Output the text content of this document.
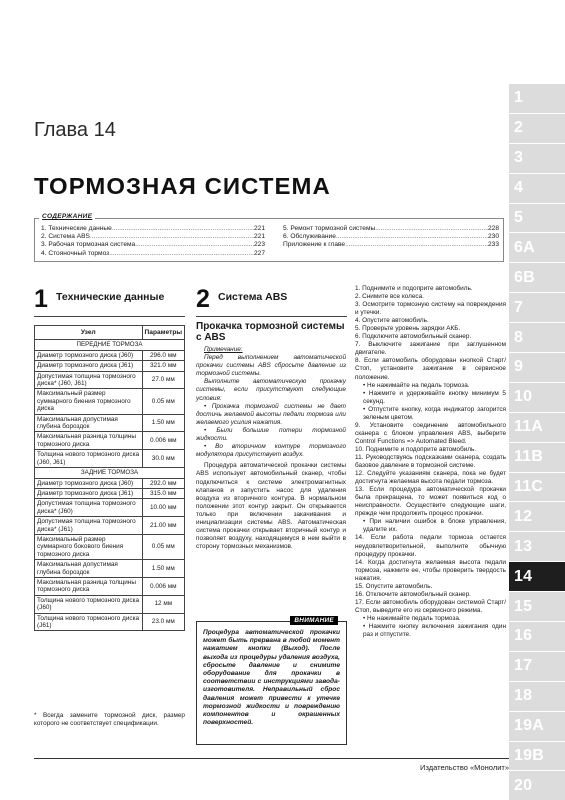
1
2
3
4
5
6А
6В
7
8
9
10
11А
11В
11С
12
13
14
15
16
17
18
19А
19В
20
Глава 14
ТОРМОЗНАЯ СИСТЕМА
СОДЕРЖАНИЕ
1. Технические данные .....	221
2. Система ABS .....	221
3. Рабочая тормозная система .....	223
4. Стояночный тормоз .....	227
5. Ремонт тормозной системы .....	228
6. Обслуживание .....	230
Приложение к главе .....	233
1 Технические данные
Узел	Параметры
ПЕРЕДНИЕ ТОРМОЗА	
Диаметр тормозного диска (J60)	296.0 мм
Диаметр тормозного диска (J61)	321.0 мм
Допустимая толщина тормозного диска* (J60, J61)	27.0 мм
Максимальный размер суммарного биения тормозного диска	0.05 мм
Максимальная допустимая глубина бороздок	1.50 мм
Максимальная разница толщины тормозного диска	0.006 мм
Толщина нового тормозного диска (J60, J61)	30.0 мм
ЗАДНИЕ ТОРМОЗА	
Диаметр тормозного диска (J60)	292.0 мм
Диаметр тормозного диска (J61)	315.0 мм
Допустимая толщина тормозного диска* (J60)	10.00 мм
Допустимая толщина тормозного диска* (J61)	21.00 мм
Максимальный размер суммарного бокового биения тормозного диска	0.05 мм
Максимальная допустимая глубина бороздок	1.50 мм
Максимальная разница толщины тормозного диска	0.006 мм
Толщина нового тормозного диска (J60)	12 мм
Толщина нового тормозного диска (J61)	23.0 мм
* Всегда замените тормозной диск, размер которого не соответствует спецификации.
2 Система ABS
Прокачка тормозной системы с ABS

Примечание:

Перед выполнением автоматической прокачки системы ABS сбросьте давление из тормозной системы.

Выполните автоматическую прокачку системы, если присутствуют следующие условия:

• Прокачка тормозной системы не дает достичь желаемой высоты педали тормоза или желаемого усилия нажатия.

• Были большие потери тормозной жидкости.

• Во вторичном контуре тормозного модулятора присутствует воздух.

Процедура автоматической прокачки системы ABS использует автомобильный сканер, чтобы подключиться к системе электромагнитных клапанов и запустить насос для удаления воздуха из вторичного контура. В нормальном положении этот контур закрыт. Он открывается только при включении закачивания и инициализации системы ABS. Автоматическая система прокачки открывает вторичный контур и позволяет воздуху, находящемуся в нем выйти в сторону тормозных механизмов.

ВНИМАНИЕ
Процедура автоматической прокачки может быть прервана в любой момент нажатием кнопки (Выход). После выхода из процедуры удаления воздуха, сбросьте давление и снимите оборудование для прокачки в соответствии с инструкциями завода-изготовителя. Неправильный сброс давления может привести к утечке тормозной жидкости и повреждению компонентов и окрашенных поверхностей.

1. Поднимите и подоприте автомобиль.

2. Снимите все колеса.

3. Осмотрите тормозную систему на повреждения и утечки.

4. Опустите автомобиль.

5. Проверьте уровень зарядки АКБ.

6. Подключите автомобильный сканер.

7. Выключите зажигание при заглушенном двигателе.

8. Если автомобиль оборудован кнопкой Старт/Стоп, установите зажигание в сервисное положение.

• Не нажимайте на педаль тормоза.

• Нажмите и удерживайте кнопку минимум 5 секунд.

• Отпустите кнопку, когда индикатор загорится зеленым цветом.

9. Установите соединение автомобильного сканера с блоком управления ABS, выберите Control Functions => Automated Bleed.

10. Поднимите и подоприте автомобиль.

11. Руководствуясь подсказками сканера, создать базовое давление в тормозной системе.

12. Следуйте указаниям сканера, пока не будет достигнута желаемая высота педали тормоза.

13. Если процедура автоматической прокачки была прекращена, то может появиться код о неисправности. Осуществите следующие шаги, прежде чем продолжить процесс прокачки.

• При наличии ошибок в блоке управления, удалите их.

14. Если работа педали тормоза остается неудовлетворительной, выполните обычную процедуру прокачки.

14. Когда достигнута желаемая высота педали тормоза, нажмите ее, чтобы проверить твердость нажатия.

15. Опустите автомобиль.

16. Отключите автомобильный сканер.

17. Если автомобиль оборудован системой Старт/Стоп, выведите его из сервисного режима.

• Не нажимайте педаль тормоза.

• Нажмите кнопку включения зажигания один раз и отпустите.

Издательство «Монолит»
